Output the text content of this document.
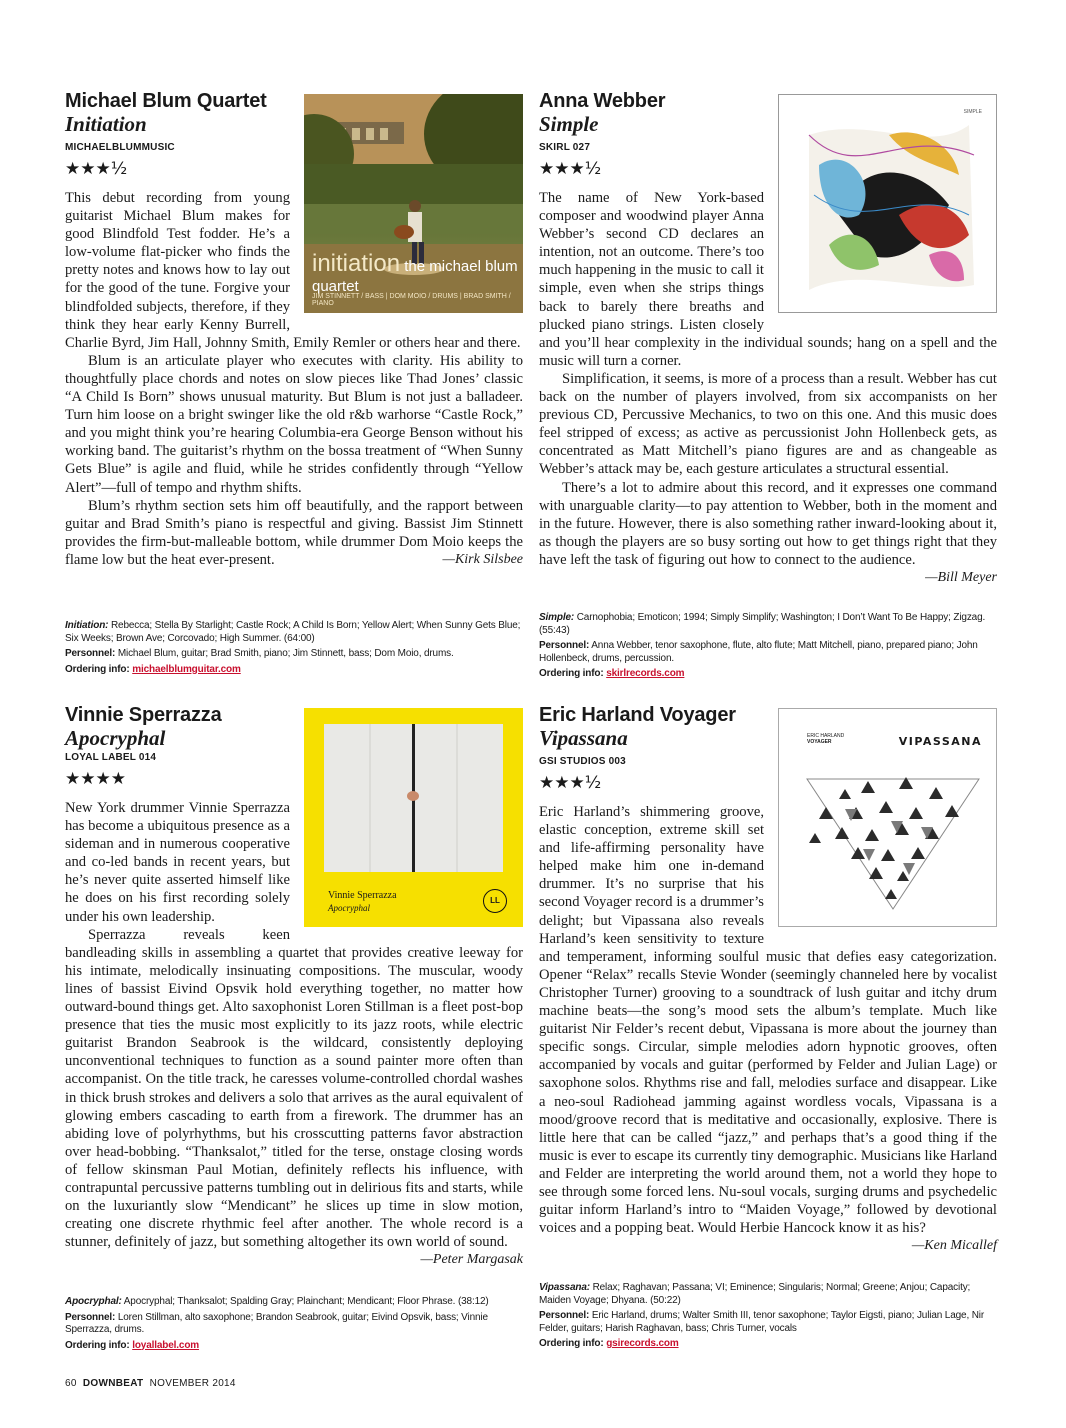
initiation the michael blum quartet
JIM STINNETT / BASS | DOM MOIO / DRUMS | BRAD SMITH / PIANO
Michael Blum Quartet
Initiation
MICHAELBLUMMUSIC
★★★½

This debut recording from young guitarist Michael Blum makes for good Blindfold Test fodder. He’s a low-volume flat-picker who finds the pretty notes and knows how to lay out for the good of the tune. Forgive your blindfolded subjects, therefore, if they think they hear early Kenny Burrell, Charlie Byrd, Jim Hall, Johnny Smith, Emily Remler or others hear and there.

Blum is an articulate player who executes with clarity. His ability to thoughtfully place chords and notes on slow pieces like Thad Jones’ classic “A Child Is Born” shows unusual maturity. But Blum is not just a balladeer. Turn him loose on a bright swinger like the old r&b warhorse “Castle Rock,” and you might think you’re hearing Columbia-era George Benson without his working band. The guitarist’s rhythm on the bossa treatment of “When Sunny Gets Blue” is agile and fluid, while he strides confidently through “Yellow Alert”—full of tempo and rhythm shifts.

Blum’s rhythm section sets him off beautifully, and the rapport between guitar and Brad Smith’s piano is respectful and giving. Bassist Jim Stinnett provides the firm-but-malleable bottom, while drummer Dom Moio keeps the flame low but the heat ever-present.	—Kirk Silsbee

Initiation: Rebecca; Stella By Starlight; Castle Rock; A Child Is Born; Yellow Alert; When Sunny Gets Blue; Six Weeks; Brown Ave; Corcovado; High Summer. (64:00)

Personnel: Michael Blum, guitar; Brad Smith, piano; Jim Stinnett, bass; Dom Moio, drums.

Ordering info: michaelblumguitar.com

SIMPLE
Anna Webber
Simple
SKIRL 027
★★★½

The name of New York-based composer and woodwind player Anna Webber’s second CD declares an intention, not an outcome. There’s too much happening in the music to call it simple, even when she strips things back to barely there breaths and plucked piano strings. Listen closely and you’ll hear complexity in the individual sounds; hang on a spell and the music will turn a corner.

Simplification, it seems, is more of a process than a result. Webber has cut back on the number of players involved, from six accompanists on her previous CD, Percussive Mechanics, to two on this one. And this music does feel stripped of excess; as active as percussionist John Hollenbeck gets, as concentrated as Matt Mitchell’s piano figures are and as changeable as Webber’s attack may be, each gesture articulates a structural essential.

There’s a lot to admire about this record, and it expresses one command with unarguable clarity—to pay attention to Webber, both in the moment and in the future. However, there is also something rather inward-looking about it, as though the players are so busy sorting out how to get things right that they have left the task of figuring out how to connect to the audience.

—Bill Meyer

Simple: Carnophobia; Emoticon; 1994; Simply Simplify; Washington; I Don’t Want To Be Happy; Zigzag. (55:43)

Personnel: Anna Webber, tenor saxophone, flute, alto flute; Matt Mitchell, piano, prepared piano; John Hollenbeck, drums, percussion.

Ordering info: skirlrecords.com

Vinnie Sperrazza
Apocryphal
LL
Vinnie Sperrazza
Apocryphal
LOYAL LABEL 014
★★★★

New York drummer Vinnie Sperrazza has become a ubiquitous presence as a sideman and in numerous cooperative and co-led bands in recent years, but he’s never quite asserted himself like he does on his first recording solely under his own leadership.

Sperrazza reveals keen bandleading skills in assembling a quartet that provides creative leeway for his intimate, melodically insinuating compositions. The muscular, woody lines of bassist Eivind Opsvik hold everything together, no matter how outward-bound things get. Alto saxophonist Loren Stillman is a fleet post-bop presence that ties the music most explicitly to its jazz roots, while electric guitarist Brandon Seabrook is the wildcard, consistently deploying unconventional techniques to function as a sound painter more often than accompanist. On the title track, he caresses volume-controlled chordal washes in thick brush strokes and delivers a solo that arrives as the aural equivalent of glowing embers cascading to earth from a firework. The drummer has an abiding love of polyrhythms, but his crosscutting patterns favor abstraction over head-bobbing. “Thanksalot,” titled for the terse, onstage closing words of fellow skinsman Paul Motian, definitely reflects his influence, with contrapuntal percussive patterns tumbling out in delirious fits and starts, while on the luxuriantly slow “Mendicant” he slices up time in slow motion, creating one discrete rhythmic feel after another. The whole record is a stunner, definitely of jazz, but something altogether its own world of sound.
—Peter Margasak

Apocryphal: Apocryphal; Thanksalot; Spalding Gray; Plainchant; Mendicant; Floor Phrase. (38:12)

Personnel: Loren Stillman, alto saxophone; Brandon Seabrook, guitar; Eivind Opsvik, bass; Vinnie Sperrazza, drums.

Ordering info: loyallabel.com

ERIC HARLAND
VOYAGER	VIPASSANA
Eric Harland Voyager
Vipassana
GSI STUDIOS 003
★★★½

Eric Harland’s shimmering groove, elastic conception, extreme skill set and life-affirming personality have helped make him one in-demand drummer. It’s no surprise that his second Voyager record is a drummer’s delight; but Vipassana also reveals Harland’s keen sensitivity to texture and temperament, informing soulful music that defies easy categorization. Opener “Relax” recalls Stevie Wonder (seemingly channeled here by vocalist Christopher Turner) grooving to a soundtrack of lush guitar and itchy drum machine beats—the song’s mood sets the album’s template. Much like guitarist Nir Felder’s recent debut, Vipassana is more about the journey than specific songs. Circular, simple melodies adorn hypnotic grooves, often accompanied by vocals and guitar (performed by Felder and Julian Lage) or saxophone solos. Rhythms rise and fall, melodies surface and disappear. Like a neo-soul Radiohead jamming against wordless vocals, Vipassana is a mood/groove record that is meditative and occasionally, explosive. There is little here that can be called “jazz,” and perhaps that’s a good thing if the music is ever to escape its currently tiny demographic. Musicians like Harland and Felder are interpreting the world around them, not a world they hope to see through some forced lens. Nu-soul vocals, surging drums and psychedelic guitar inform Harland’s intro to “Maiden Voyage,” followed by devotional voices and a popping beat. Would Herbie Hancock know it as his?

—Ken Micallef

Vipassana: Relax; Raghavan; Passana; VI; Eminence; Singularis; Normal; Greene; Anjou; Capacity; Maiden Voyage; Dhyana. (50:22)

Personnel: Eric Harland, drums; Walter Smith III, tenor saxophone; Taylor Eigsti, piano; Julian Lage, Nir Felder, guitars; Harish Raghavan, bass; Chris Turner, vocals

Ordering info: gsirecords.com

60 DOWNBEAT NOVEMBER 2014
